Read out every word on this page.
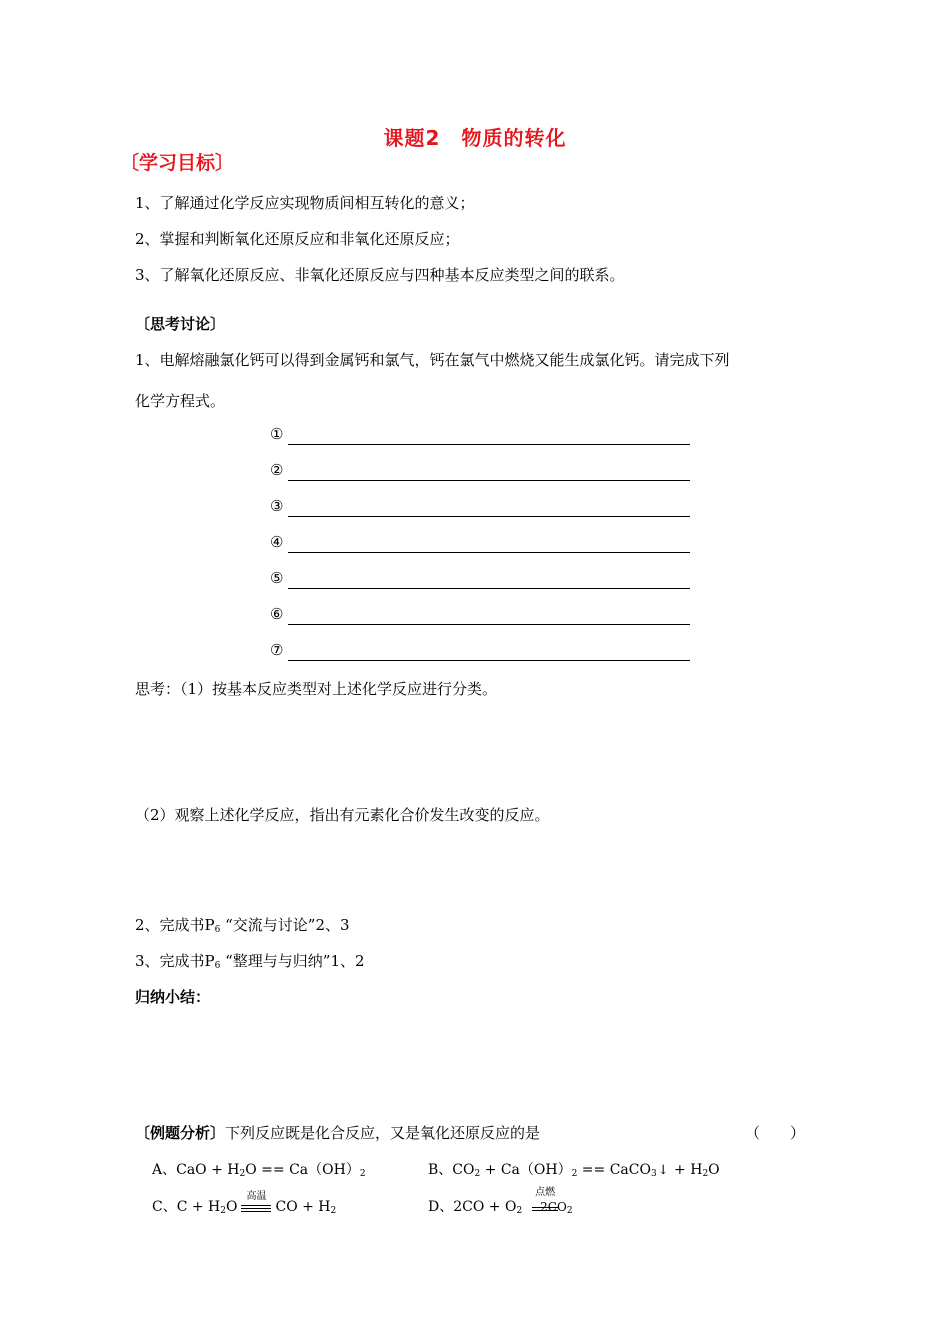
课题2　物质的转化
〔学习目标〕
1、了解通过化学反应实现物质间相互转化的意义；
2、掌握和判断氧化还原反应和非氧化还原反应；
3、了解氧化还原反应、非氧化还原反应与四种基本反应类型之间的联系。
〔思考讨论〕
1、电解熔融氯化钙可以得到金属钙和氯气，钙在氯气中燃烧又能生成氯化钙。请完成下列
化学方程式。
①
②
③
④
⑤
⑥
⑦
思考：（1）按基本反应类型对上述化学反应进行分类。
（2）观察上述化学反应，指出有元素化合价发生改变的反应。
2、完成书$P_6$ “交流与讨论”2、3
3、完成书$P_6$ “整理与与归纳”1、2
归纳小结：
〔例题分析〕下列反应既是化合反应，又是氧化还原反应的是	（　　）
A、CaO + $H_2O == Ca(OH)_2$	B、$CO_2 + Ca(OH)_2$ == CaCO$_3$↓ + $H_2O$
C、$C + H_2O$
高温
CO + $H_2$	D、$2CO + O_2$
点燃
$2CO_2$
